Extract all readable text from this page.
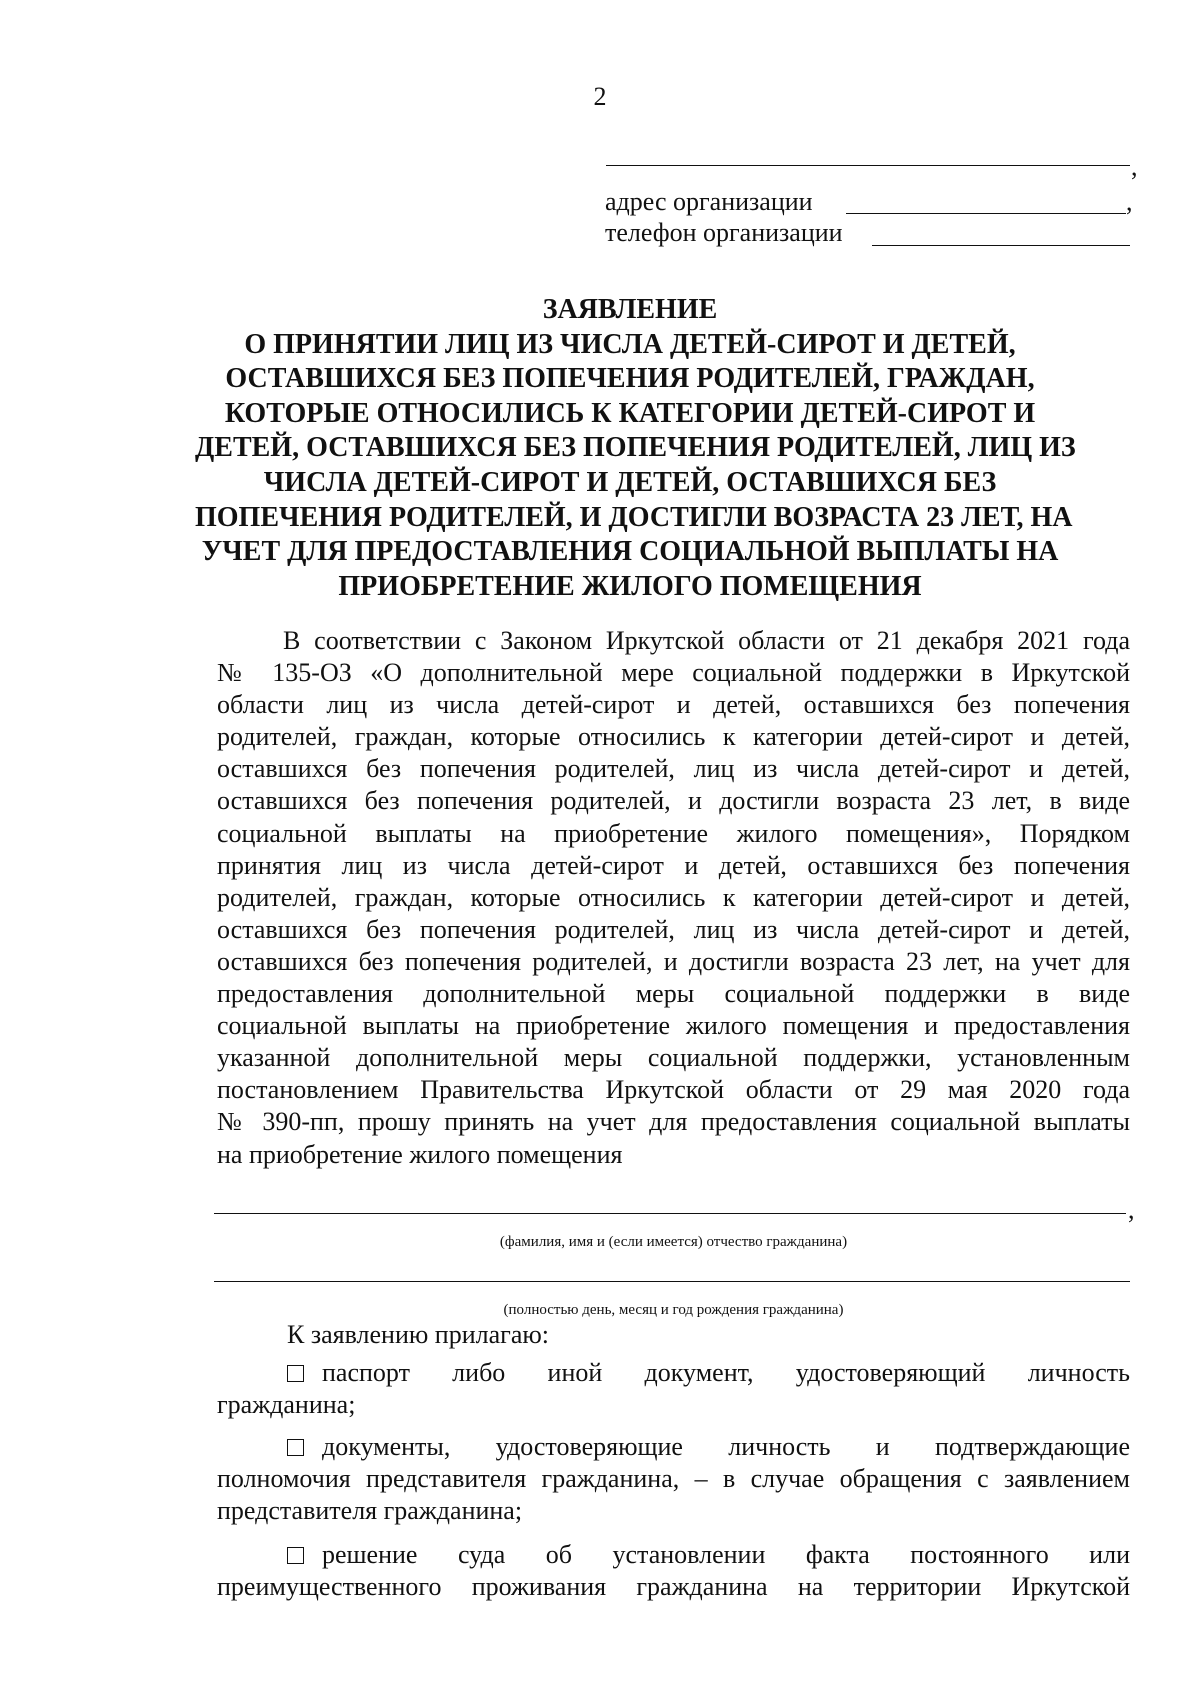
2
,
адрес организации	,
телефон организации
ЗАЯВЛЕНИЕ
О ПРИНЯТИИ ЛИЦ ИЗ ЧИСЛА ДЕТЕЙ-СИРОТ И ДЕТЕЙ,
ОСТАВШИХСЯ БЕЗ ПОПЕЧЕНИЯ РОДИТЕЛЕЙ, ГРАЖДАН,
КОТОРЫЕ ОТНОСИЛИСЬ К КАТЕГОРИИ ДЕТЕЙ-СИРОТ И
ДЕТЕЙ, ОСТАВШИХСЯ БЕЗ ПОПЕЧЕНИЯ РОДИТЕЛЕЙ, ЛИЦ ИЗ
ЧИСЛА ДЕТЕЙ-СИРОТ И ДЕТЕЙ, ОСТАВШИХСЯ БЕЗ
ПОПЕЧЕНИЯ РОДИТЕЛЕЙ, И ДОСТИГЛИ ВОЗРАСТА 23 ЛЕТ, НА
УЧЕТ ДЛЯ ПРЕДОСТАВЛЕНИЯ СОЦИАЛЬНОЙ ВЫПЛАТЫ НА
ПРИОБРЕТЕНИЕ ЖИЛОГО ПОМЕЩЕНИЯ
В соответствии с Законом Иркутской области от 21 декабря 2021 года
№ 135-ОЗ «О дополнительной мере социальной поддержки в Иркутской
области лиц из числа детей-сирот и детей, оставшихся без попечения
родителей, граждан, которые относились к категории детей-сирот и детей,
оставшихся без попечения родителей, лиц из числа детей-сирот и детей,
оставшихся без попечения родителей, и достигли возраста 23 лет, в виде
социальной выплаты на приобретение жилого помещения», Порядком
принятия лиц из числа детей-сирот и детей, оставшихся без попечения
родителей, граждан, которые относились к категории детей-сирот и детей,
оставшихся без попечения родителей, лиц из числа детей-сирот и детей,
оставшихся без попечения родителей, и достигли возраста 23 лет, на учет для
предоставления дополнительной меры социальной поддержки в виде
социальной выплаты на приобретение жилого помещения и предоставления
указанной дополнительной меры социальной поддержки, установленным
постановлением Правительства Иркутской области от 29 мая 2020 года
№ 390-пп, прошу принять на учет для предоставления социальной выплаты
на приобретение жилого помещения
,
(фамилия, имя и (если имеется) отчество гражданина)
(полностью день, месяц и год рождения гражданина)
К заявлению прилагаю:
паспорт либо иной документ, удостоверяющий личность
гражданина;
документы, удостоверяющие личность и подтверждающие
полномочия представителя гражданина, – в случае обращения с заявлением
представителя гражданина;
решение суда об установлении факта постоянного или
преимущественного проживания гражданина на территории Иркутской
